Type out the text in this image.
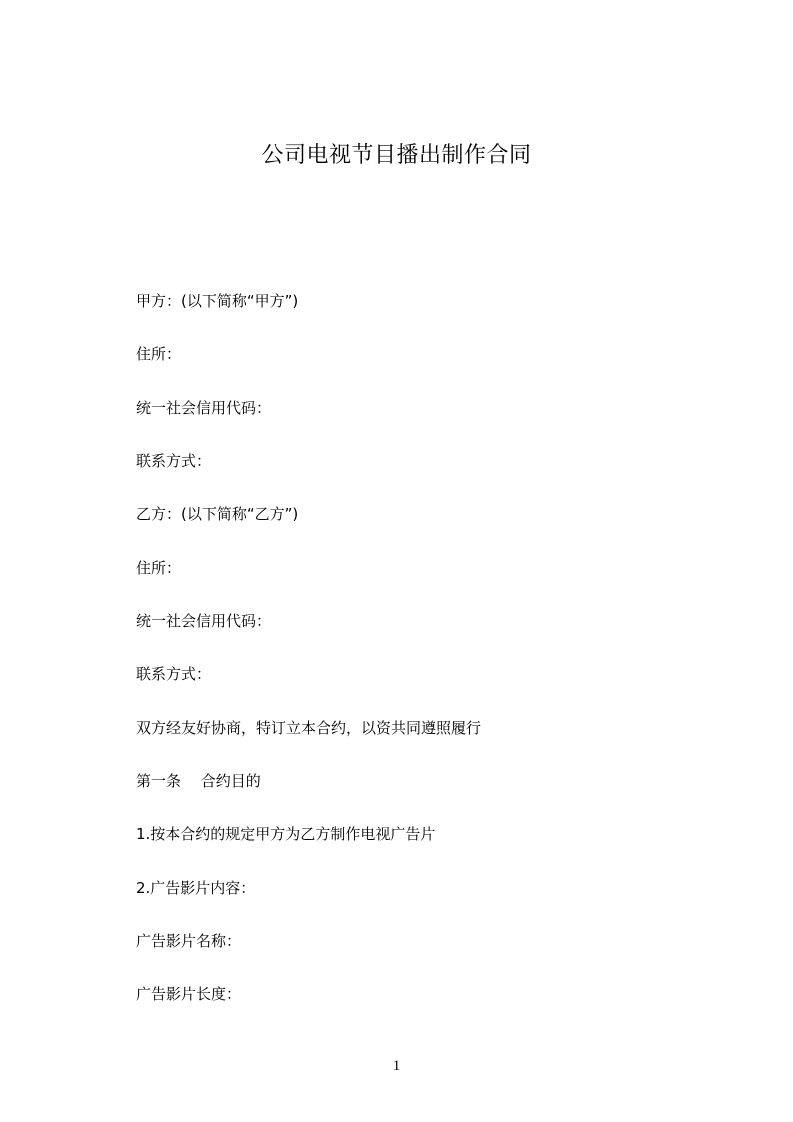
公司电视节目播出制作合同

甲方：(以下简称“甲方”)

住所：

统一社会信用代码：

联系方式：

乙方：(以下简称“乙方”)

住所：

统一社会信用代码：

联系方式：

双方经友好协商，特订立本合约，以资共同遵照履行

第一条　 合约目的

1.按本合约的规定甲方为乙方制作电视广告片

2.广告影片内容：

广告影片名称：

广告影片长度：

1
